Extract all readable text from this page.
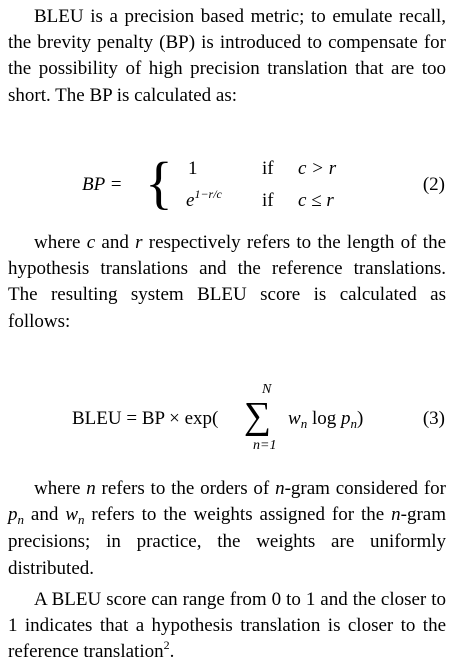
BLEU is a precision based metric; to emulate recall, the brevity penalty (BP) is introduced to compensate for the possibility of high precision translation that are too short. The BP is calculated as:

BP = { 1	if c > r
$e^{1-r/c}$ if c ≤ r
(2)

where c and r respectively refers to the length of the hypothesis translations and the reference translations. The resulting system BLEU score is calculated as follows:

BLEU = BP × exp(
N
∑
n=1
$w_n$ $\log p_n$)	(3)

where n refers to the orders of n-gram considered for $p_n$ and $w_n$ refers to the weights assigned for the n-gram precisions; in practice, the weights are uniformly distributed.

A BLEU score can range from 0 to 1 and the closer to 1 indicates that a hypothesis translation is closer to the reference translation$^2$.
